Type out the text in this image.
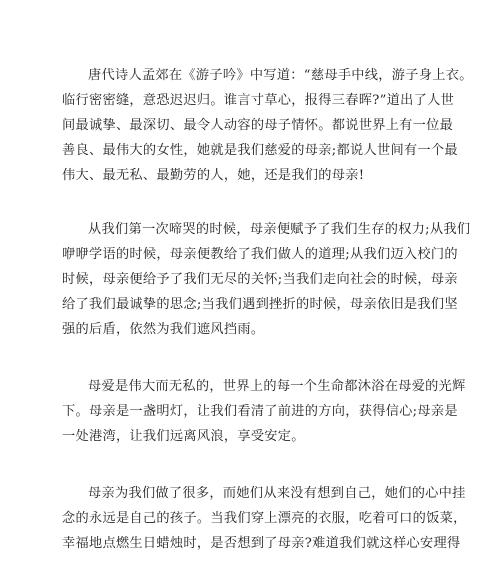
唐代诗人孟郊在《游子吟》中写道：“慈母手中线，游子身上衣。
临行密密缝，意恐迟迟归。谁言寸草心，报得三春晖?”道出了人世
间最诚挚、最深切、最令人动容的母子情怀。都说世界上有一位最
善良、最伟大的女性，她就是我们慈爱的母亲;都说人世间有一个最
伟大、最无私、最勤劳的人，她，还是我们的母亲!
从我们第一次啼哭的时候，母亲便赋予了我们生存的权力;从我们
咿咿学语的时候，母亲便教给了我们做人的道理;从我们迈入校门的
时候，母亲便给予了我们无尽的关怀;当我们走向社会的时候，母亲
给了我们最诚挚的思念;当我们遇到挫折的时候，母亲依旧是我们坚
强的后盾，依然为我们遮风挡雨。
母爱是伟大而无私的，世界上的每一个生命都沐浴在母爱的光辉
下。母亲是一盏明灯，让我们看清了前进的方向，获得信心;母亲是
一处港湾，让我们远离风浪，享受安定。
母亲为我们做了很多，而她们从来没有想到自己，她们的心中挂
念的永远是自己的孩子。当我们穿上漂亮的衣服，吃着可口的饭菜，
幸福地点燃生日蜡烛时，是否想到了母亲?难道我们就这样心安理得
